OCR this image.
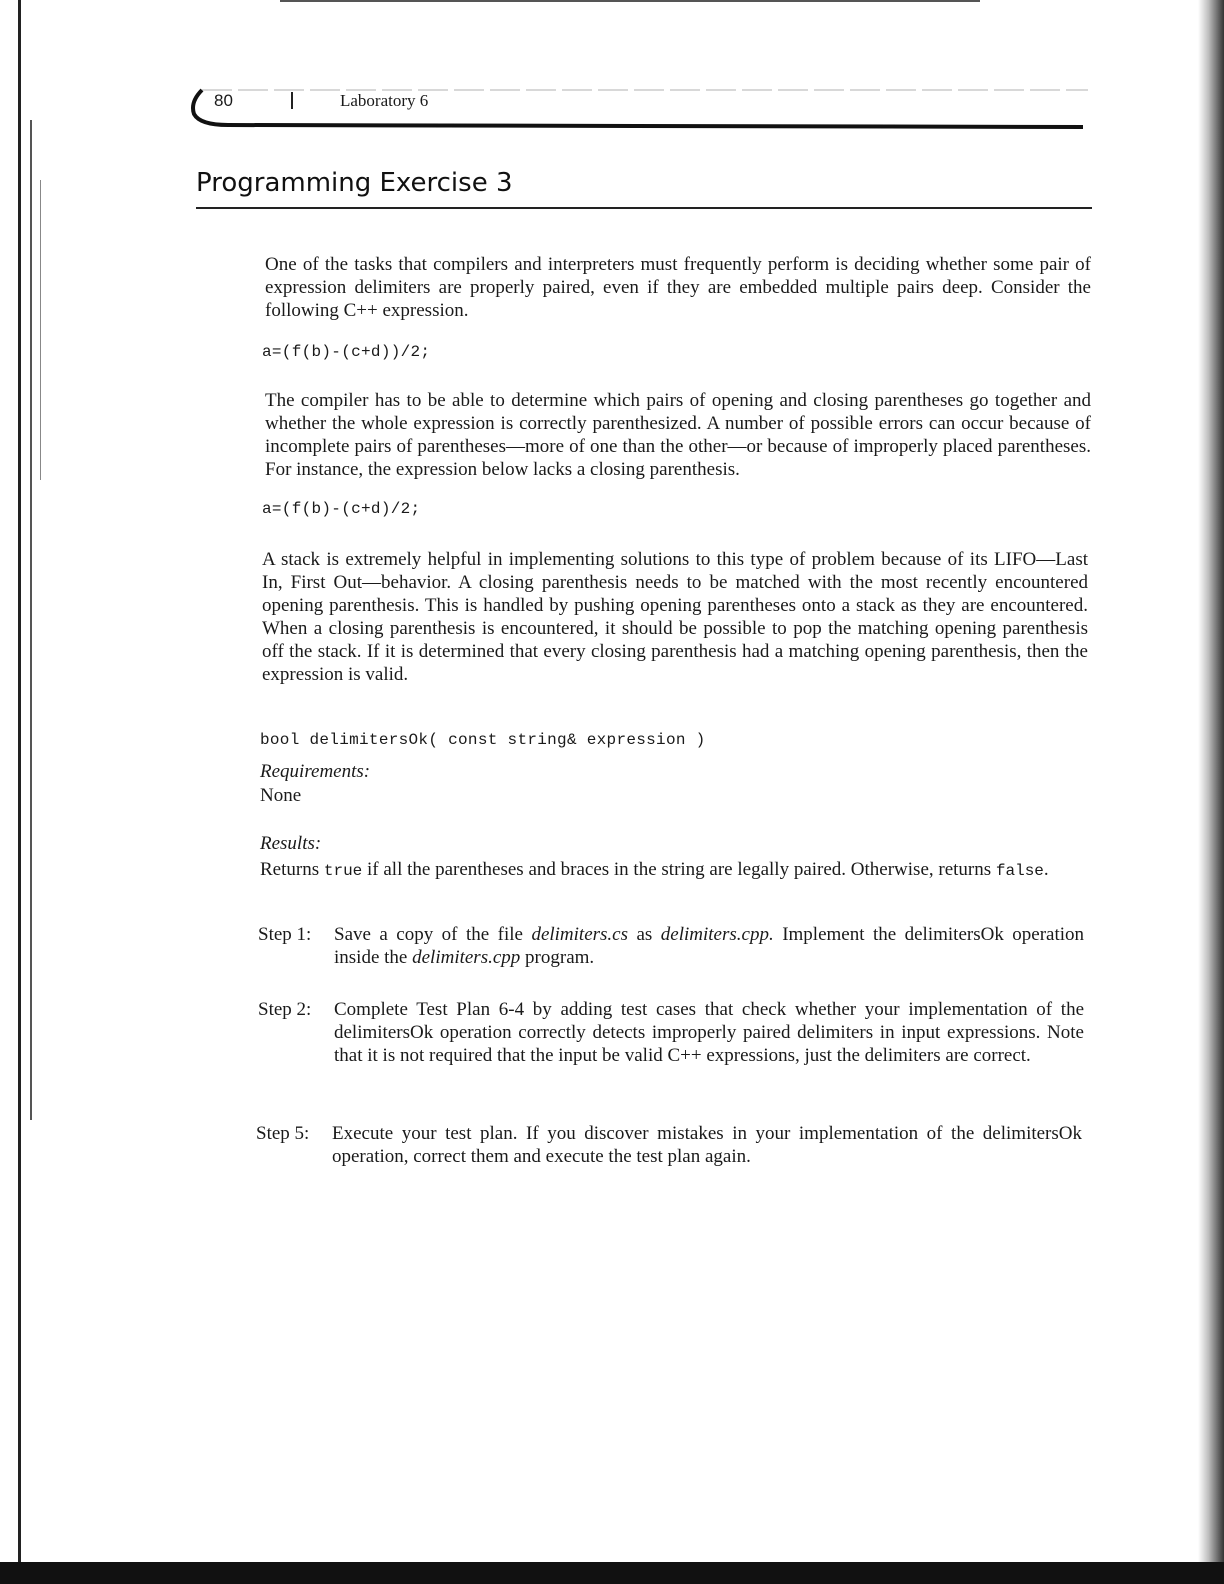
80	Laboratory 6
Programming Exercise 3
One of the tasks that compilers and interpreters must frequently perform is deciding whether some pair of expression delimiters are properly paired, even if they are embedded multiple pairs deep. Consider the following C++ expression.
a=(f(b)-(c+d))/2;
The compiler has to be able to determine which pairs of opening and closing parentheses go together and whether the whole expression is correctly parenthesized. A number of possible errors can occur because of incomplete pairs of parentheses—more of one than the other—or because of improperly placed parentheses. For instance, the expression below lacks a closing parenthesis.
a=(f(b)-(c+d)/2;
A stack is extremely helpful in implementing solutions to this type of problem because of its LIFO—Last In, First Out—behavior. A closing parenthesis needs to be matched with the most recently encountered opening parenthesis. This is handled by pushing opening parentheses onto a stack as they are encountered. When a closing parenthesis is encountered, it should be possible to pop the matching opening parenthesis off the stack. If it is determined that every closing parenthesis had a matching opening parenthesis, then the expression is valid.
bool delimitersOk( const string& expression )
Requirements:
None
Results:
Returns true if all the parentheses and braces in the string are legally paired. Otherwise, returns false.
Step 1:	Save a copy of the file delimiters.cs as delimiters.cpp. Implement the delimitersOk operation inside the delimiters.cpp program.
Step 2:	Complete Test Plan 6-4 by adding test cases that check whether your implementation of the delimitersOk operation correctly detects improperly paired delimiters in input expressions. Note that it is not required that the input be valid C++ expressions, just the delimiters are correct.
Step 5:	Execute your test plan. If you discover mistakes in your implementation of the delimitersOk operation, correct them and execute the test plan again.
